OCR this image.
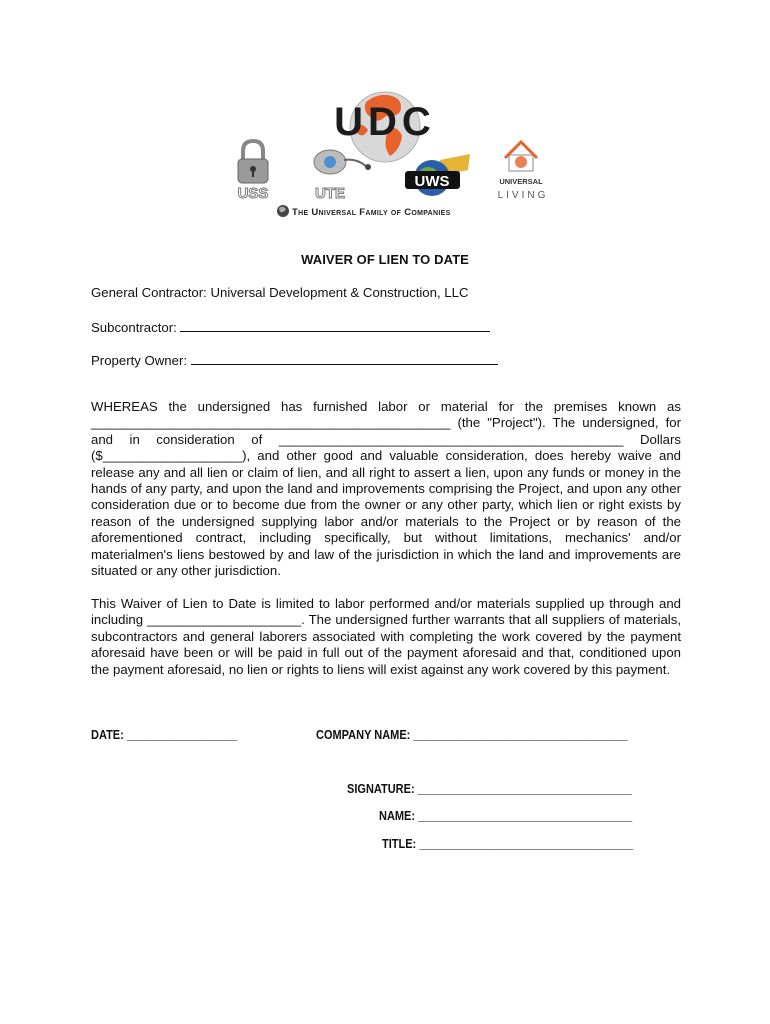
UDC
USS	UTE
UWS	UNIVERSAL
LIVING
The Universal Family of Companies
WAIVER OF LIEN TO DATE
General Contractor: Universal Development & Construction, LLC
Subcontractor:
Property Owner:
WHEREAS the undersigned has furnished labor or material for the premises known as _________________________________________________ (the "Project"). The undersigned, for and in consideration of _______________________________________________ Dollars ($___________________), and other good and valuable consideration, does hereby waive and release any and all lien or claim of lien, and all right to assert a lien, upon any funds or money in the hands of any party, and upon the land and improvements comprising the Project, and upon any other consideration due or to become due from the owner or any other party, which lien or right exists by reason of the undersigned supplying labor and/or materials to the Project or by reason of the aforementioned contract, including specifically, but without limitations, mechanics' and/or materialmen's liens bestowed by and law of the jurisdiction in which the land and improvements are situated or any other jurisdiction.
This Waiver of Lien to Date is limited to labor performed and/or materials supplied up through and including _____________________. The undersigned further warrants that all suppliers of materials, subcontractors and general laborers associated with completing the work covered by the payment aforesaid have been or will be paid in full out of the payment aforesaid and that, conditioned upon the payment aforesaid, no lien or rights to liens will exist against any work covered by this payment.
DATE: __________________	COMPANY NAME: ___________________________________
SIGNATURE: ___________________________________
NAME: ___________________________________
TITLE: ___________________________________
